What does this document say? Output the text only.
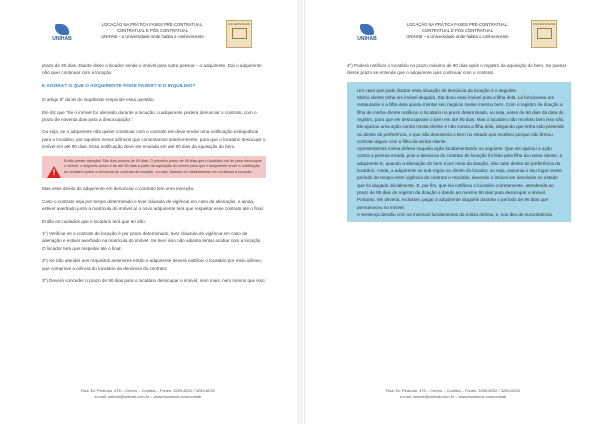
UNIHAB
LOCAÇÃO NA PRÁTICA FASES PRÉ-CONTRATUAL,
CONTRATUAL E PÓS CONTRATUAL
UNIHAB – a Universidade onde habita o conhecimento
UNIVERSIDADE

prazo de 30 dias. Diante disso o locador vende o imóvel para outra pessoa – o adquirente. Daí o adquirente não quer continuar com a locação.

E AGORA? O QUE O ADQUIRENTE PODE FAZER? E O INQUILINO?

O artigo 8º da lei do inquilinato responde essa questão.

Ele diz que “Se o imóvel for alienado durante a locação, o adquirente poderá denunciar o contrato, com o prazo de noventa dias para a desocupação”.

Ou seja, se o adquirente não quiser continuar com o contrato ele deve enviar uma notificação extrajudicial para o locatário, por aqueles meios idôneos que comentamos anteriormente, para que o locatário desocupe o imóvel em até 90 dias. Essa notificação deve ser enviada em até 90 dias da aquisição do bem.

!
Então preste atenção! São dois prazos de 90 dias. O primeiro prazo de 90 dias que o locatário vai ter para desocupar o imóvel; o segundo prazo é de até 90 dias a partir da aquisição do imóvel para que o adquirente envie a notificação ao locatário sobre a denúncia do contrato de locação, ou seja, falando em desinteresse em continuar a locação.

Mas esse direito do adquirente em denunciar o contrato tem uma exceção.

Caso o contrato seja por tempo determinado e tiver cláusula de vigência em caso de alienação, e ainda, estiver averbado junto à matrícula do imóvel aí o novo adquirente terá que respeitar esse contrato até o final.

Então os cuidados que o locatário terá que ter são:

1º) Verificar se o contrato de locação é por prazo determinado, tiver cláusula de vigência em caso de alienação e estiver averbado na matrícula do imóvel. Se tiver isso não adianta tentar acabar com a locação. O locador terá que respeitar até o final;

2º) Se não atender aos requisitos anteriores então o adquirente deverá notificar o locatário por meio idôneo, que comprove a ciência do locatário da denúncia do contrato;

3º) Deverá conceder o prazo de 90 dias para o locatário desocupar o imóvel, nem mais, nem menos que isso;

Rua: Dr. Pedrosa, 475 – Centro – Curitiba – Fones: 3259-6032 / 3259-6033
e-mail: unihab@unihab.com.br – www.facebook.com/unihab
UNIHAB
LOCAÇÃO NA PRÁTICA FASES PRÉ-CONTRATUAL,
CONTRATUAL E PÓS CONTRATUAL
UNIHAB – a Universidade onde habita o conhecimento
UNIVERSIDADE

4º) Poderá notificar o locatário no prazo máximo de 90 dias após o registro da aquisição do bem. Se passar desse prazo se entende que o adquirente quis continuar com o contrato.

Um caso que pode ilustrar essa situação de denúncia da locação é o seguinte.

Minha cliente tinha um imóvel alugado. Ela doou esse imóvel para a filha dela. Lá funcionava um restaurante e a filha dela queria montar seu negócio nesse mesmo bem. Com o registro de doação a filha de minha cliente notificou o locatário no prazo determinado, ou seja, antes de 90 dias da data do registro, para que ele desocupasse o bem em até 90 dias. Mas o locatário não recebeu bem isso não.

Ele ajuizou uma ação contra nossa cliente e não contra a filha dela, alegando que tinha sido preterido no direito de preferência, e que não devolveria o bem no estado que recebeu porque não firmou contrato algum com a filha da minha cliente.

Apresentamos nossa defesa naquela ação fundamentando no seguinte: Que ele ajuizou a ação contra a pessoa errada, pois a denúncia do contrato de locação foi feita pela filha da nossa cliente, a adquirente E, quando a alienação do bem é por meio da doação, não cabe direito de preferência do locatário. Ainda, a adquirente se sub-rogou no direito do locador, ou seja, assumiu o seu lugar nesse período de tempo entre vigência do contrato e rescisão, devendo o imóvel ser devolvido no estado que foi alugado inicialmente. E, por fim, que ela notificou o locatário corretamente, atendendo ao prazo de 90 dias do registro da doação e dando ao mesmo 90 dias para desocupar o imóvel.

Portanto, ele deveria, inclusive, pagar à adquirente aluguéis durante o período de 90 dias que permaneceu no imóvel.

A sentença decidiu com os mesmos fundamentos da nossa defesa, e, nos deu de sucumbência.

Rua: Dr. Pedrosa, 475 – Centro – Curitiba – Fones: 3259-6032 / 3259-6033
e-mail: unihab@unihab.com.br – www.facebook.com/unihab
